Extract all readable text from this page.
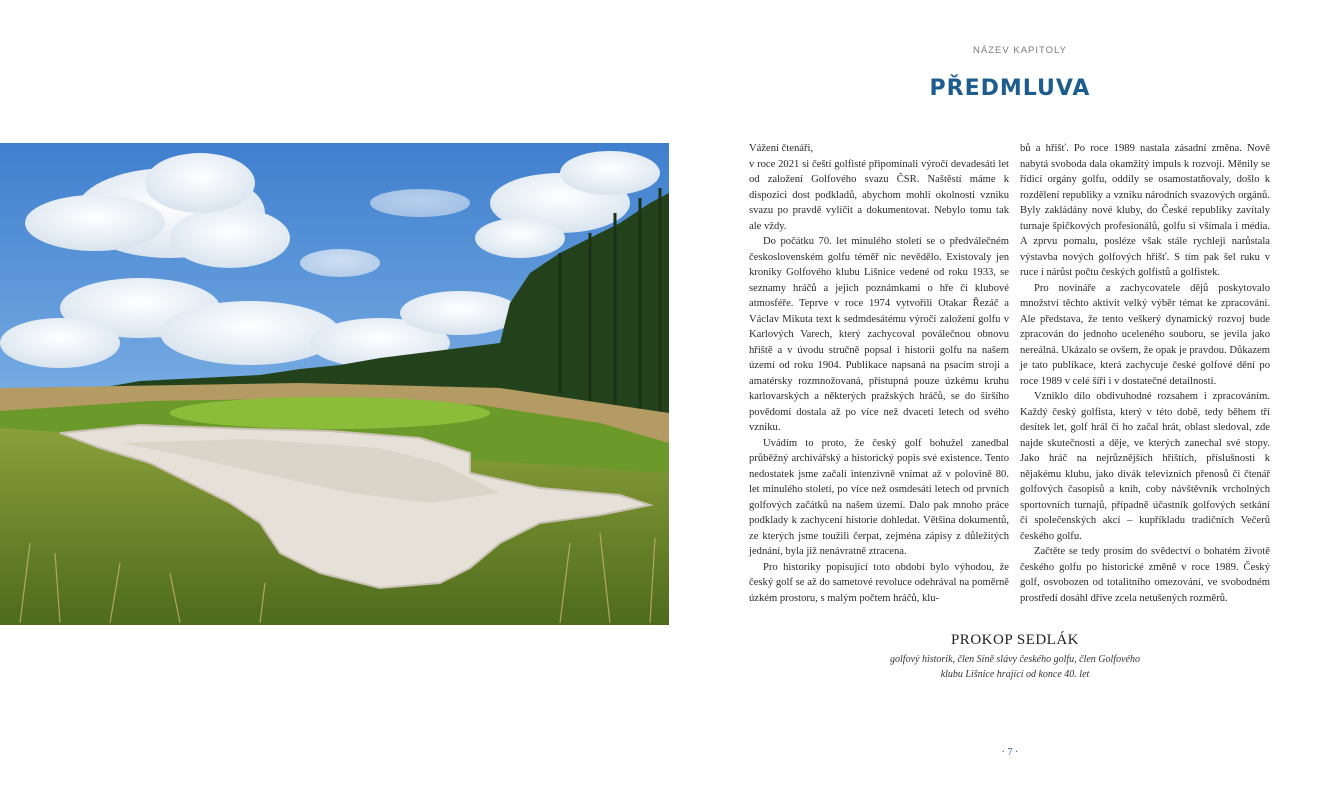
NÁZEV KAPITOLY
PŘEDMLUVA

Vážení čtenáři,

v roce 2021 si čeští golfisté připomínali výročí devadesáti let od založení Golfového svazu ČSR. Naštěstí máme k dispozici dost podkladů, abychom mohli okolnosti vzniku svazu po pravdě vylíčit a dokumentovat. Nebylo tomu tak ale vždy.

Do počátku 70. let minulého století se o předválečném československém golfu téměř nic nevědělo. Existovaly jen kroniky Golfového klubu Lišnice vedené od roku 1933, se seznamy hráčů a jejich poznámkami o hře či klubové atmosféře. Teprve v roce 1974 vytvořili Otakar Řezáč a Václav Mikuta text k sedmdesátému výročí založení golfu v Karlových Varech, který zachycoval poválečnou obnovu hřiště a v úvodu stručně popsal i historii golfu na našem území od roku 1904. Publikace napsaná na psacím stroji a amatérsky rozmnožovaná, přístupná pouze úzkému kruhu karlovarských a některých pražských hráčů, se do širšího povědomí dostala až po více než dvaceti letech od svého vzniku.

Uvádím to proto, že český golf bohužel zanedbal průběžný archivářský a historický popis své existence. Tento nedostatek jsme začali intenzivně vnímat až v polovině 80. let minulého století, po více než osmdesáti letech od prvních golfových začátků na našem území. Dalo pak mnoho práce podklady k zachycení historie dohledat. Většina dokumentů, ze kterých jsme toužili čerpat, zejména zápisy z důležitých jednání, byla již nenávratně ztracena.

Pro historiky popisující toto období bylo výhodou, že český golf se až do sametové revoluce odehrával na poměrně úzkém prostoru, s malým počtem hráčů, klu-

bů a hřišť. Po roce 1989 nastala zásadní změna. Nově nabytá svoboda dala okamžitý impuls k rozvoji. Měnily se řídicí orgány golfu, oddíly se osamostatňovaly, došlo k rozdělení republiky a vzniku národních svazových orgánů. Byly zakládány nové kluby, do České republiky zavítaly turnaje špičkových profesionálů, golfu si všímala i média. A zprvu pomalu, posléze však stále rychleji narůstala výstavba nových golfových hřišť. S tím pak šel ruku v ruce i nárůst počtu českých golfistů a golfistek.

Pro novináře a zachycovatele dějů poskytovalo množství těchto aktivit velký výběr témat ke zpracování. Ale představa, že tento veškerý dynamický rozvoj bude zpracován do jednoho uceleného souboru, se jevila jako nereálná. Ukázalo se ovšem, že opak je pravdou. Důkazem je tato publikace, která zachycuje české golfové dění po roce 1989 v celé šíři i v dostatečné detailnosti.

Vzniklo dílo obdivuhodné rozsahem i zpracováním. Každý český golfista, který v této době, tedy během tří desítek let, golf hrál či ho začal hrát, oblast sledoval, zde najde skutečnosti a děje, ve kterých zanechal své stopy. Jako hráč na nejrůznějších hřištích, příslušnosti k nějakému klubu, jako divák televizních přenosů či čtenář golfových časopisů a knih, coby návštěvník vrcholných sportovních turnajů, případně účastník golfových setkání či společenských akcí – kupříkladu tradičních Večerů českého golfu.

Začtěte se tedy prosím do svědectví o bohatém životě českého golfu po historické změně v roce 1989. Český golf, osvobozen od totalitního omezování, ve svobodném prostředí dosáhl dříve zcela netušených rozměrů.

PROKOP SEDLÁK
golfový historik, člen Síně slávy českého golfu, člen Golfového
klubu Lišnice hrající od konce 40. let
· 7 ·
